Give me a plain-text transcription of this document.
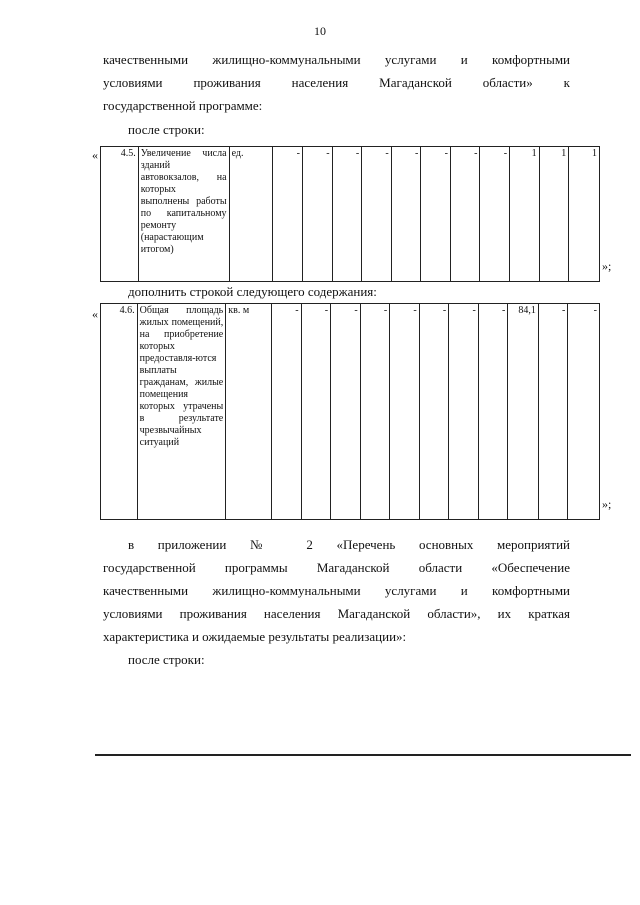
10
качественными жилищно-коммунальными услугами и комфортными
условиями проживания населения Магаданской области» к
государственной программе:
после строки:
« 4.5.	Увеличение числа зданий автовокзалов, на которых выполнены работы по капитальному ремонту (нарастающим итогом)	ед.	-	-	-	-	-	-	-	-	1	1	1
»;
дополнить строкой следующего содержания:
« 4.6.	Общая площадь жилых помещений, на приобретение которых предоставля-ются выплаты гражданам, жилые помещения которых утрачены в результате чрезвычайных ситуаций	кв. м	-	-	-	-	-	-	-	-	84,1	-	-
»;
в приложении № 2 «Перечень основных мероприятий
государственной программы Магаданской области «Обеспечение
качественными жилищно-коммунальными услугами и комфортными
условиями проживания населения Магаданской области», их краткая
характеристика и ожидаемые результаты реализации»:
после строки:
